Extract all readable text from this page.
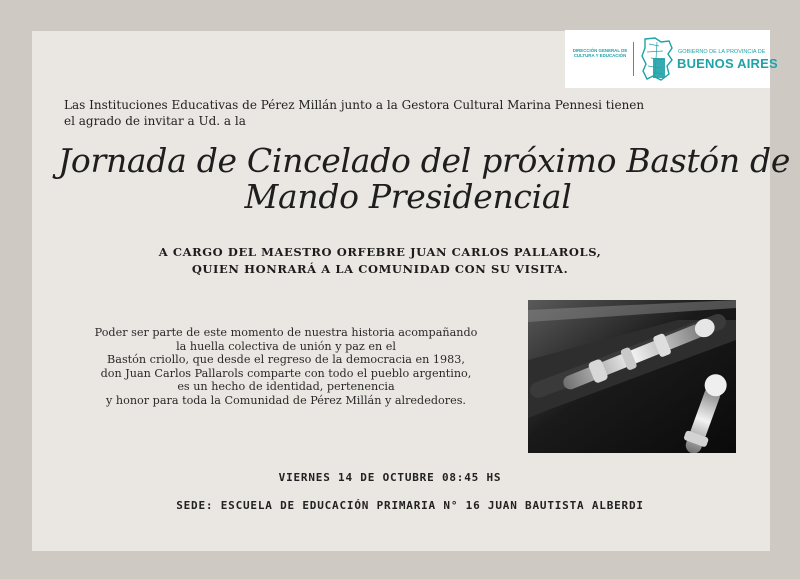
DIRECCIÓN GENERAL DE
CULTURA Y EDUCACIÓN
GOBIERNO DE LA PROVINCIA DE
BUENOS AIRES
Las Instituciones Educativas de Pérez Millán junto a la Gestora Cultural Marina Pennesi tienen
el agrado de invitar a Ud. a la
Jornada de Cincelado del próximo Bastón de
Mando Presidencial
A CARGO DEL MAESTRO ORFEBRE JUAN CARLOS PALLAROLS,
QUIEN HONRARÁ A LA COMUNIDAD CON SU VISITA.
Poder ser parte de este momento de nuestra historia acompañando
la huella colectiva de unión y paz en el
Bastón criollo, que desde el regreso de la democracia en 1983,
don Juan Carlos Pallarols comparte con todo el pueblo argentino,
es un hecho de identidad, pertenencia
y honor para toda la Comunidad de Pérez Millán y alrededores.
VIERNES 14 DE OCTUBRE 08:45 HS
SEDE: ESCUELA DE EDUCACIÓN PRIMARIA N° 16 JUAN BAUTISTA ALBERDI
